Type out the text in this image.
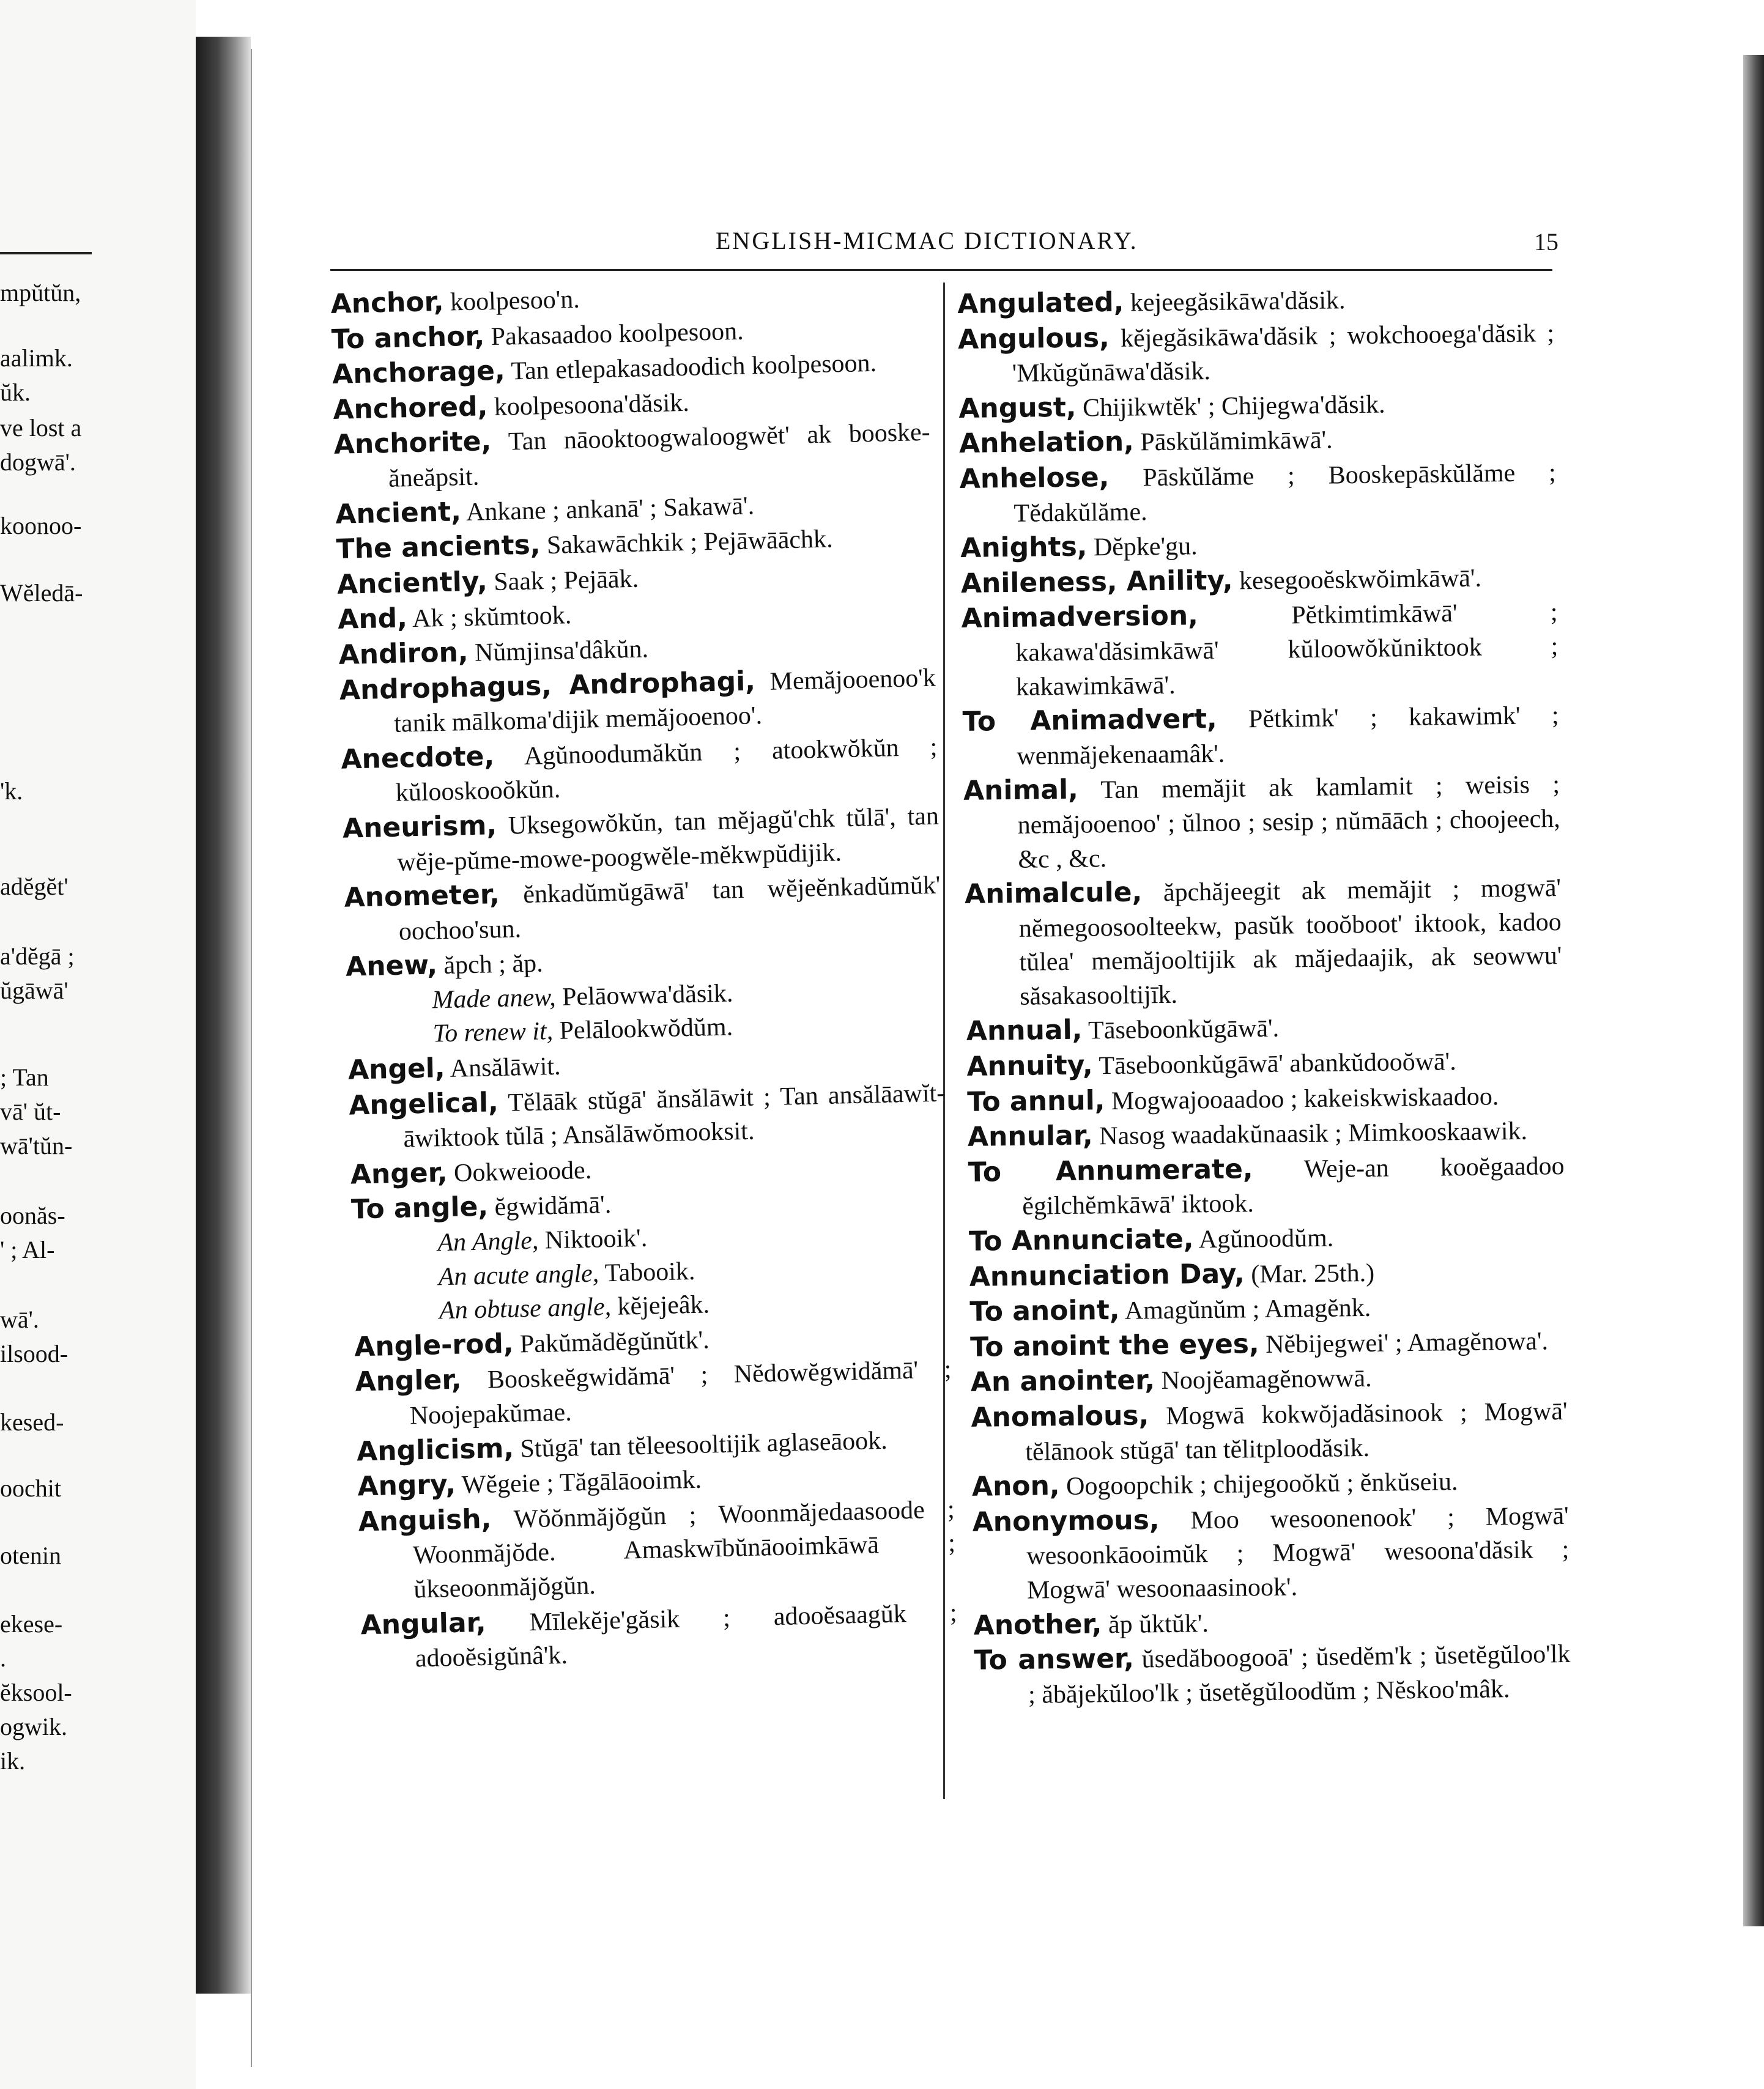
mpŭtŭn,
aalimk.
ŭk.
ve lost a
dogwā'.
koonoo-
Wĕledā-
'k.
adĕgĕt'
a'dĕgā ;
ŭgāwā'
; Tan
vā' ŭt-
wā'tŭn-
oonăs-
' ; Al-
wā'.
ilsood-
kesed-
oochit
otenin
ekese-
.
ĕksool-
ogwik.
ik.
ENGLISH-MICMAC DICTIONARY.	15
Anchor, koolpesoo'n.
To anchor, Pakasaadoo koolpesoon.
Anchorage, Tan etlepakasadoodich koolpesoon.
Anchored, koolpesoona'dăsik.
Anchorite, Tan nāooktoogwaloogwĕt' ak booske-ăneăpsit.
Ancient, Ankane ; ankanā' ; Sakawā'.
The ancients, Sakawāchkik ; Pejāwāāchk.
Anciently, Saak ; Pejāāk.
And, Ak ; skŭmtook.
Andiron, Nŭmjinsa'dâkŭn.
Androphagus, Androphagi, Memăjooenoo'k tanik mālkoma'dijik memăjooenoo'.
Anecdote, Agŭnoodumăkŭn ; atookwŏkŭn ; kŭlooskooŏkŭn.
Aneurism, Uksegowŏkŭn, tan mĕjagŭ'chk tŭlā', tan wĕje-pŭme-mowe-poogwĕle-mĕkwpŭdijik.
Anometer, ĕnkadŭmŭgāwā' tan wĕjeĕnkadŭmŭk' oochoo'sun.
Anew, ăpch ; ăp.
Made anew, Pelāowwa'dăsik.
To renew it, Pelālookwŏdŭm.
Angel, Ansălāwit.
Angelical, Tĕlāāk stŭgā' ănsălāwit ; Tan ansălāawĭt-āwiktook tŭlā ; Ansălāwŏmooksit.
Anger, Ookweioode.
To angle, ĕgwidămā'.
An Angle, Niktooik'.
An acute angle, Tabooik.
An obtuse angle, kĕjejeâk.
Angle-rod, Pakŭmădĕgŭnŭtk'.
Angler, Booskeĕgwidămā' ; Nĕdowĕgwidămā' ; Noojepakŭmae.
Anglicism, Stŭgā' tan tĕleesooltijik aglaseāook.
Angry, Wĕgeie ; Tăgālāooimk.
Anguish, Wŏŏnmăjŏgŭn ; Woonmăjedaasoode ; Woonmăjŏde. Amaskwībŭnāooimkāwā ; ŭkseoonmăjŏgŭn.
Angular, Mīlekĕje'găsik ; adooĕsaagŭk ; adooĕsigŭnâ'k.
Angulated, kejeegăsikāwa'dăsik.
Angulous, kĕjegăsikāwa'dăsik ; wokchooega'dăsik ; 'Mkŭgŭnāwa'dăsik.
Angust, Chijikwtĕk' ; Chijegwa'dăsik.
Anhelation, Pāskŭlămimkāwā'.
Anhelose, Pāskŭlăme ; Booskepāskŭlăme ; Tĕdakŭlăme.
Anights, Dĕpke'gu.
Anileness, Anility, kesegooĕskwŏimkāwā'.
Animadversion,	Pĕtkimtimkāwā' ; kakawa'dăsimkāwā' kŭloowŏkŭniktook ; kakawimkāwā'.
To Animadvert, Pĕtkimk' ; kakawimk' ; wenmăjekenaamâk'.
Animal, Tan memăjit ak kamlamit ; weisis ; nemăjooenoo' ; ŭlnoo ; sesip ; nŭmāāch ; choojeech, &c , &c.
Animalcule, ăpchăjeegit ak memăjit ; mogwā' nĕmegoosoolteekw, pasŭk tooŏboot' iktook, kadoo tŭlea' memăjooltijik ak măjedaajik, ak seowwu' săsakasooltijīk.
Annual, Tāseboonkŭgāwā'.
Annuity, Tāseboonkŭgāwā' abankŭdooŏwā'.
To annul, Mogwajooaadoo ; kakeiskwiskaadoo.
Annular, Nasog waadakŭnaasik ; Mimkooskaawik.
To Annumerate, Weje-an kooĕgaadoo ĕgilchĕmkāwā' iktook.
To Annunciate, Agŭnoodŭm.
Annunciation Day, (Mar. 25th.)
To anoint, Amagŭnŭm ; Amagĕnk.
To anoint the eyes, Nĕbijegwei' ; Amagĕnowa'.
An anointer, Noojĕamagĕnowwā.
Anomalous, Mogwā kokwŏjadăsinook ; Mogwā' tĕlānook stŭgā' tan tĕlitploodăsik.
Anon, Oogoopchik ; chijegooŏkŭ ; ĕnkŭseiu.
Anonymous, Moo wesoonenook' ; Mogwā' wesoonkāooimŭk ; Mogwā' wesoona'dăsik ; Mogwā' wesoonaasinook'.
Another, ăp ŭktŭk'.
To answer, ŭsedăboogooā' ; ŭsedĕm'k ; ŭsetĕgŭloo'lk ; ăbăjekŭloo'lk ; ŭsetĕgŭloodŭm ; Nĕskoo'mâk.
